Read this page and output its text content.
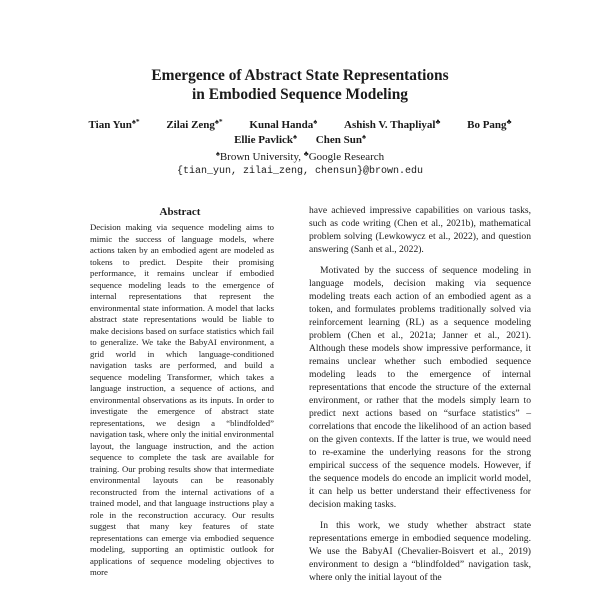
Emergence of Abstract State Representations
in Embodied Sequence Modeling
Tian Yun♠* Zilai Zeng♠* Kunal Handa♠ Ashish V. Thapliyal♣ Bo Pang♣
Ellie Pavlick♠ Chen Sun♠
♠Brown University, ♣Google Research
{tian_yun, zilai_zeng, chensun}@brown.edu
Abstract
Decision making via sequence modeling aims to mimic the success of language models, where actions taken by an embodied agent are modeled as tokens to predict. Despite their promising performance, it remains unclear if embodied sequence modeling leads to the emergence of internal representations that represent the environmental state information. A model that lacks abstract state representations would be liable to make decisions based on surface statistics which fail to generalize. We take the BabyAI environment, a grid world in which language-conditioned navigation tasks are performed, and build a sequence modeling Transformer, which takes a language instruction, a sequence of actions, and environmental observations as its inputs. In order to investigate the emergence of abstract state representations, we design a “blindfolded” navigation task, where only the initial environmental layout, the language instruction, and the action sequence to complete the task are available for training. Our probing results show that intermediate environmental layouts can be reasonably reconstructed from the internal activations of a trained model, and that language instructions play a role in the reconstruction accuracy. Our results suggest that many key features of state representations can emerge via embodied sequence modeling, supporting an optimistic outlook for applications of sequence modeling objectives to more

have achieved impressive capabilities on various tasks, such as code writing (Chen et al., 2021b), mathematical problem solving (Lewkowycz et al., 2022), and question answering (Sanh et al., 2022).

Motivated by the success of sequence modeling in language models, decision making via sequence modeling treats each action of an embodied agent as a token, and formulates problems traditionally solved via reinforcement learning (RL) as a sequence modeling problem (Chen et al., 2021a; Janner et al., 2021). Although these models show impressive performance, it remains unclear whether such embodied sequence modeling leads to the emergence of internal representations that encode the structure of the external environment, or rather that the models simply learn to predict next actions based on “surface statistics” – correlations that encode the likelihood of an action based on the given contexts. If the latter is true, we would need to re-examine the underlying reasons for the strong empirical success of the sequence models. However, if the sequence models do encode an implicit world model, it can help us better understand their effectiveness for decision making tasks.

In this work, we study whether abstract state representations emerge in embodied sequence modeling. We use the BabyAI (Chevalier-Boisvert et al., 2019) environment to design a “blindfolded” navigation task, where only the initial layout of the
